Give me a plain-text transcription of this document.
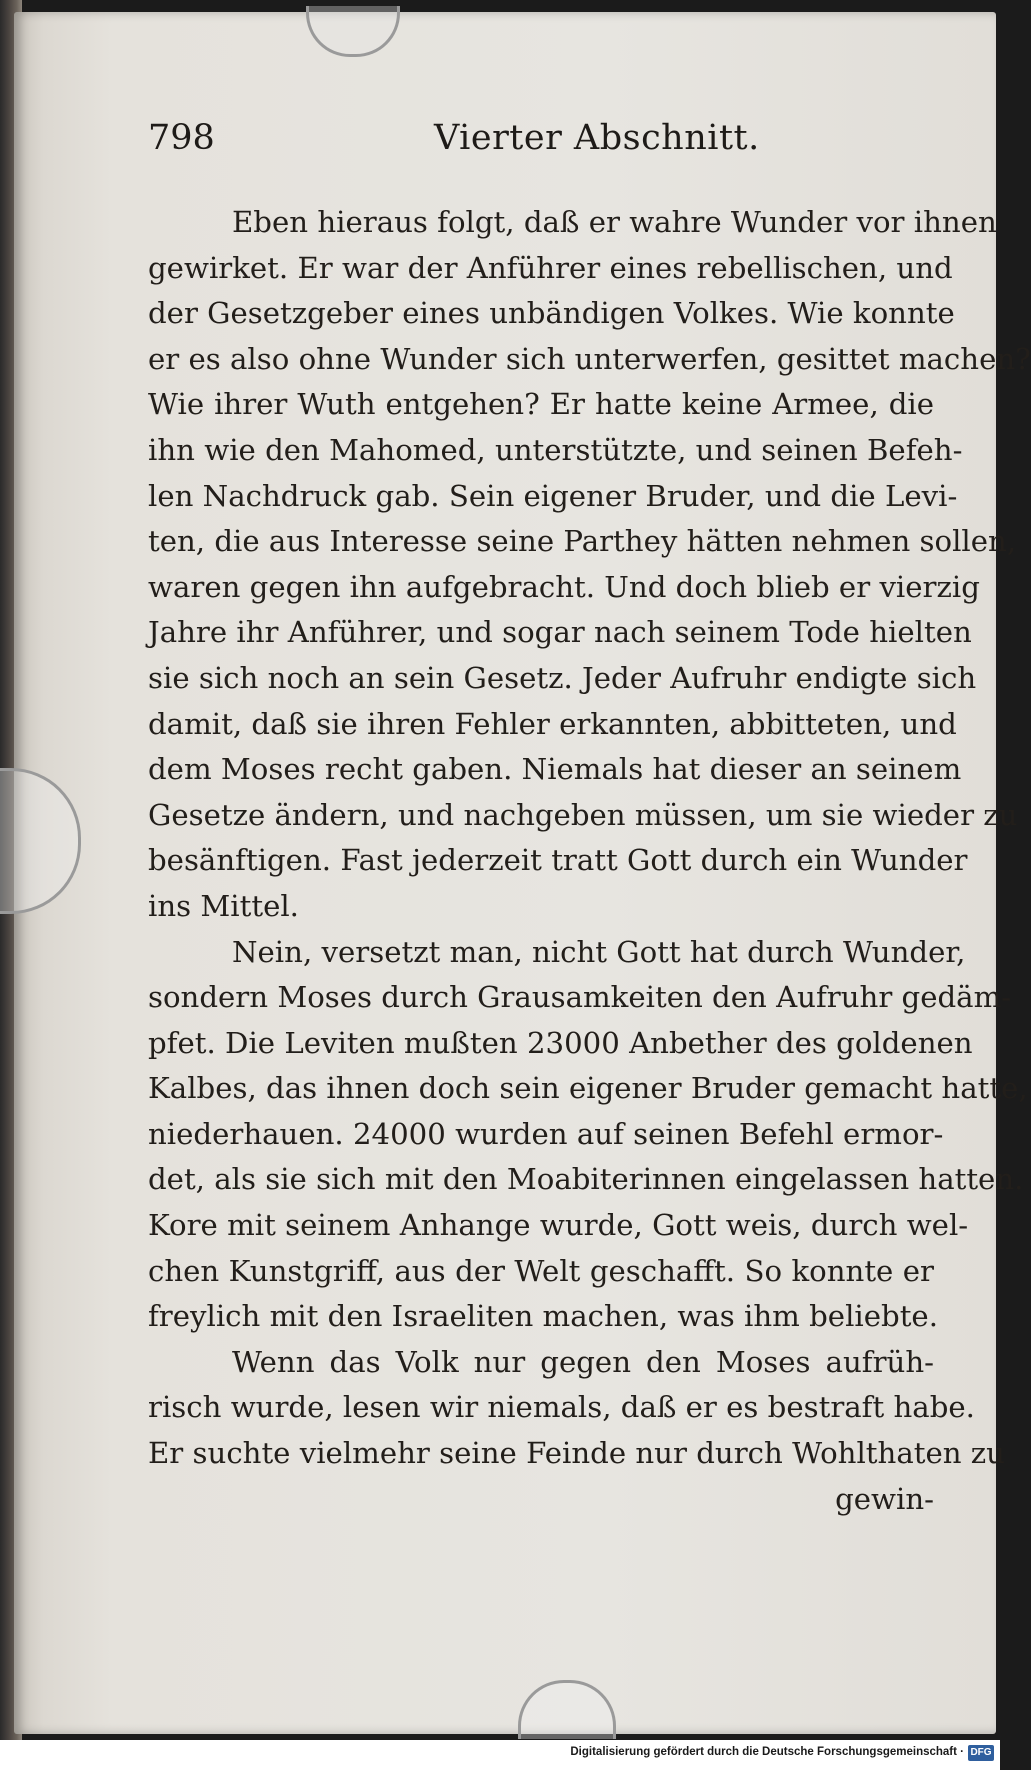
798	Vierter Abschnitt.
Eben hieraus folgt, daß er wahre Wunder vor ihnen
gewirket. Er war der Anführer eines rebellischen, und
der Gesetzgeber eines unbändigen Volkes. Wie konnte
er es also ohne Wunder sich unterwerfen, gesittet machen?
Wie ihrer Wuth entgehen? Er hatte keine Armee, die
ihn wie den Mahomed, unterstützte, und seinen Befeh-
len Nachdruck gab. Sein eigener Bruder, und die Levi-
ten, die aus Interesse seine Parthey hätten nehmen sollen,
waren gegen ihn aufgebracht. Und doch blieb er vierzig
Jahre ihr Anführer, und sogar nach seinem Tode hielten
sie sich noch an sein Gesetz. Jeder Aufruhr endigte sich
damit, daß sie ihren Fehler erkannten, abbitteten, und
dem Moses recht gaben. Niemals hat dieser an seinem
Gesetze ändern, und nachgeben müssen, um sie wieder zu
besänftigen. Fast jederzeit tratt Gott durch ein Wunder
ins Mittel.
Nein, versetzt man, nicht Gott hat durch Wunder,
sondern Moses durch Grausamkeiten den Aufruhr gedäm-
pfet. Die Leviten mußten 23000 Anbether des goldenen
Kalbes, das ihnen doch sein eigener Bruder gemacht hatte,
niederhauen. 24000 wurden auf seinen Befehl ermor-
det, als sie sich mit den Moabiterinnen eingelassen hatten.
Kore mit seinem Anhange wurde, Gott weis, durch wel-
chen Kunstgriff, aus der Welt geschafft. So konnte er
freylich mit den Israeliten machen, was ihm beliebte.
Wenn das Volk nur gegen den Moses aufrüh-
risch wurde, lesen wir niemals, daß er es bestraft habe.
Er suchte vielmehr seine Feinde nur durch Wohlthaten zu
gewin-
Digitalisierung gefördert durch die Deutsche Forschungsgemeinschaft · DFG
